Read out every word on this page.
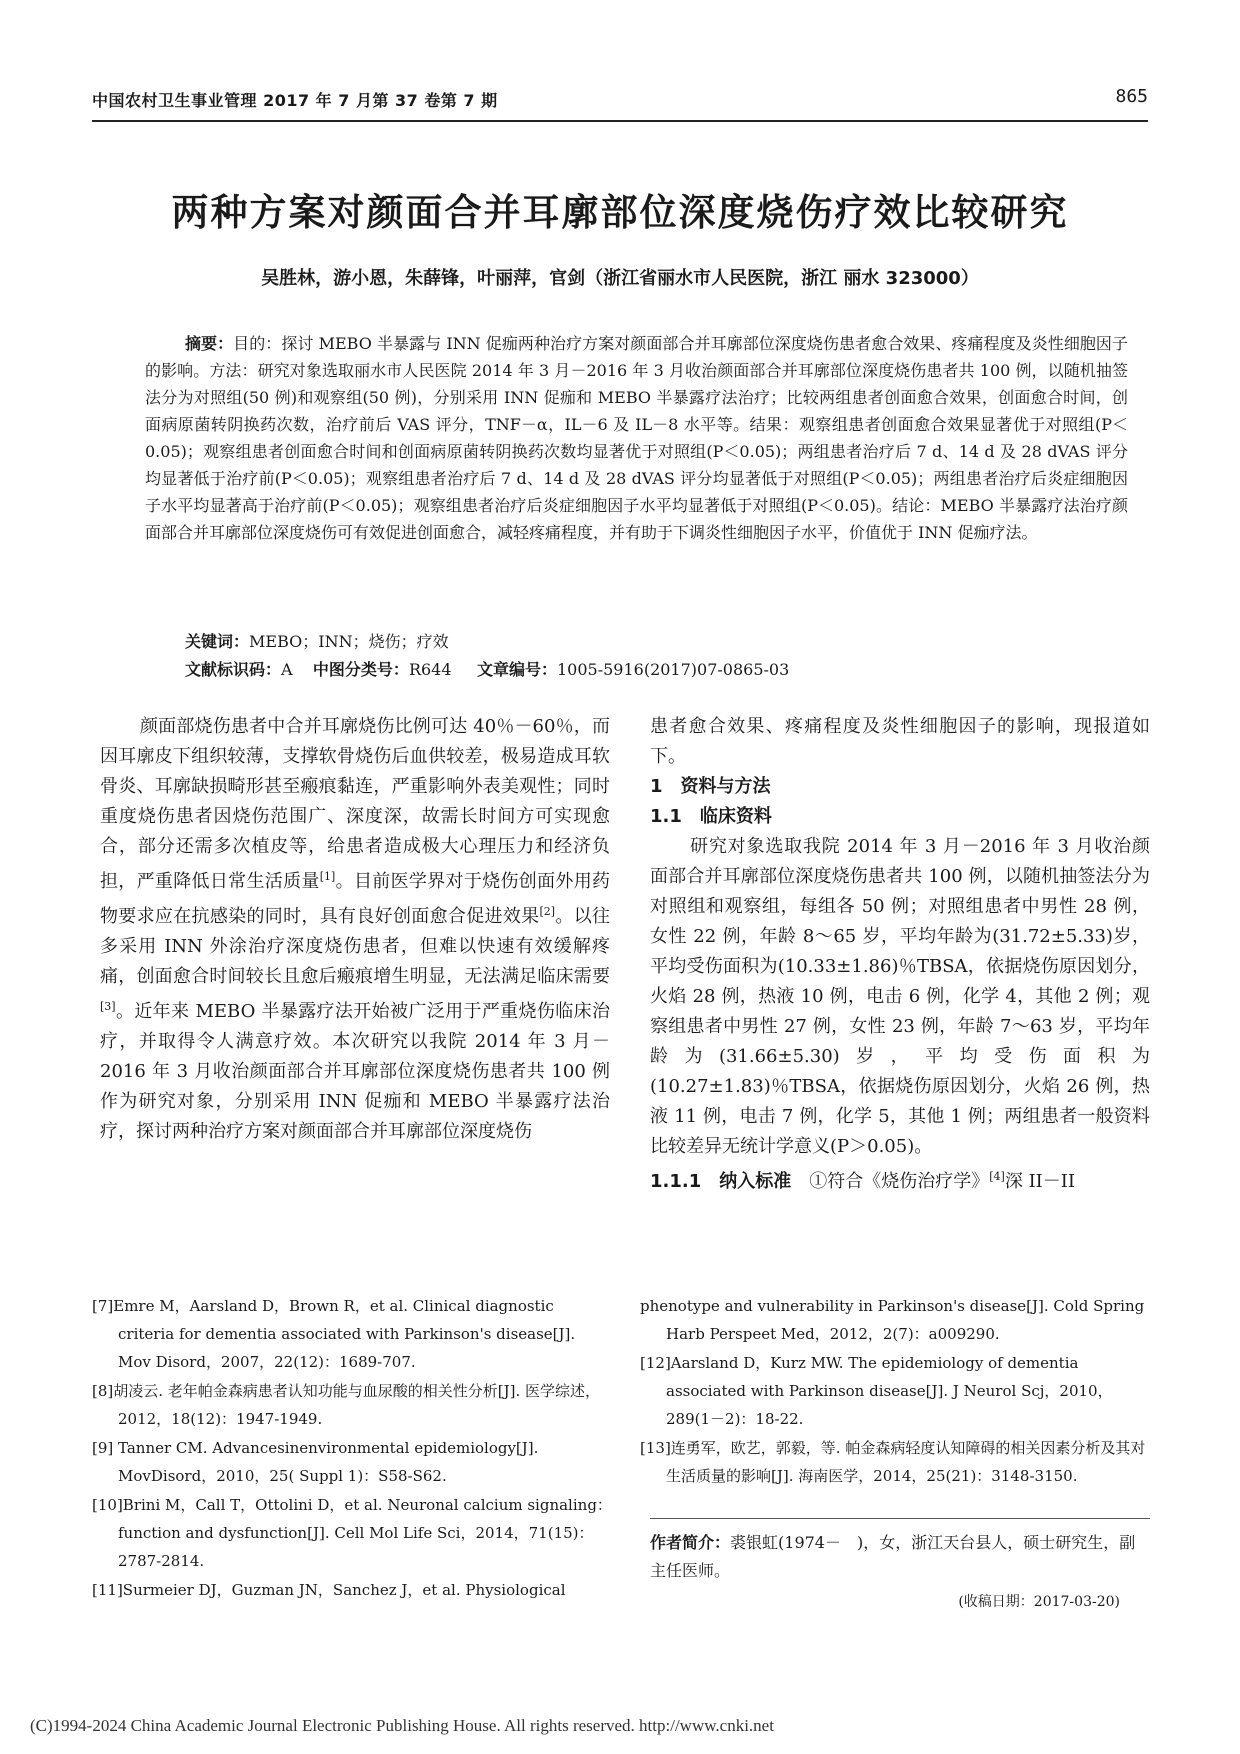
中国农村卫生事业管理 2017 年 7 月第 37 卷第 7 期	865
两种方案对颜面合并耳廓部位深度烧伤疗效比较研究
吴胜林，游小恩，朱薛锋，叶丽萍，官剑（浙江省丽水市人民医院，浙江 丽水 323000）

摘要：目的：探讨 MEBO 半暴露与 INN 促痂两种治疗方案对颜面部合并耳廓部位深度烧伤患者愈合效果、疼痛程度及炎性细胞因子的影响。方法：研究对象选取丽水市人民医院 2014 年 3 月－2016 年 3 月收治颜面部合并耳廓部位深度烧伤患者共 100 例，以随机抽签法分为对照组(50 例)和观察组(50 例)，分别采用 INN 促痂和 MEBO 半暴露疗法治疗；比较两组患者创面愈合效果，创面愈合时间，创面病原菌转阴换药次数，治疗前后 VAS 评分，TNF－α，IL－6 及 IL－8 水平等。结果：观察组患者创面愈合效果显著优于对照组(P＜0.05)；观察组患者创面愈合时间和创面病原菌转阴换药次数均显著优于对照组(P＜0.05)；两组患者治疗后 7 d、14 d 及 28 dVAS 评分均显著低于治疗前(P＜0.05)；观察组患者治疗后 7 d、14 d 及 28 dVAS 评分均显著低于对照组(P＜0.05)；两组患者治疗后炎症细胞因子水平均显著高于治疗前(P＜0.05)；观察组患者治疗后炎症细胞因子水平均显著低于对照组(P＜0.05)。结论：MEBO 半暴露疗法治疗颜面部合并耳廓部位深度烧伤可有效促进创面愈合，减轻疼痛程度，并有助于下调炎性细胞因子水平，价值优于 INN 促痂疗法。

关键词：MEBO；INN；烧伤；疗效
文献标识码：A 中图分类号：R644 文章编号：1005-5916(2017)07-0865-03

颜面部烧伤患者中合并耳廓烧伤比例可达 40％－60％，而因耳廓皮下组织较薄，支撑软骨烧伤后血供较差，极易造成耳软骨炎、耳廓缺损畸形甚至瘢痕黏连，严重影响外表美观性；同时重度烧伤患者因烧伤范围广、深度深，故需长时间方可实现愈合，部分还需多次植皮等，给患者造成极大心理压力和经济负担，严重降低日常生活质量[1]。目前医学界对于烧伤创面外用药物要求应在抗感染的同时，具有良好创面愈合促进效果[2]。以往多采用 INN 外涂治疗深度烧伤患者，但难以快速有效缓解疼痛，创面愈合时间较长且愈后瘢痕增生明显，无法满足临床需要[3]。近年来 MEBO 半暴露疗法开始被广泛用于严重烧伤临床治疗，并取得令人满意疗效。本次研究以我院 2014 年 3 月－2016 年 3 月收治颜面部合并耳廓部位深度烧伤患者共 100 例作为研究对象，分别采用 INN 促痂和 MEBO 半暴露疗法治疗，探讨两种治疗方案对颜面部合并耳廓部位深度烧伤

患者愈合效果、疼痛程度及炎性细胞因子的影响，现报道如下。

1　资料与方法

1.1　临床资料

研究对象选取我院 2014 年 3 月－2016 年 3 月收治颜面部合并耳廓部位深度烧伤患者共 100 例，以随机抽签法分为对照组和观察组，每组各 50 例；对照组患者中男性 28 例，女性 22 例，年龄 8～65 岁，平均年龄为(31.72±5.33)岁，平均受伤面积为(10.33±1.86)％TBSA，依据烧伤原因划分，火焰 28 例，热液 10 例，电击 6 例，化学 4，其他 2 例；观察组患者中男性 27 例，女性 23 例，年龄 7～63 岁，平均年龄为(31.66±5.30)岁，平均受伤面积为(10.27±1.83)％TBSA，依据烧伤原因划分，火焰 26 例，热液 11 例，电击 7 例，化学 5，其他 1 例；两组患者一般资料比较差异无统计学意义(P＞0.05)。

1.1.1　纳入标准　①符合《烧伤治疗学》[4]深 II－II

[7]Emre M，Aarsland D，Brown R，et al. Clinical diagnostic criteria for dementia associated with Parkinson's disease[J]. Mov Disord，2007，22(12)：1689-707.

[8]胡凌云. 老年帕金森病患者认知功能与血尿酸的相关性分析[J]. 医学综述，2012，18(12)：1947-1949.

[9] Tanner CM. Advancesinenvironmental epidemiology[J]. MovDisord，2010，25( Suppl 1)：S58-S62.

[10]Brini M，Call T，Ottolini D，et al. Neuronal calcium signaling：function and dysfunction[J]. Cell Mol Life Sci，2014，71(15)：2787-2814.

[11]Surmeier DJ，Guzman JN，Sanchez J，et al. Physiological

phenotype and vulnerability in Parkinson's disease[J]. Cold Spring Harb Perspeet Med，2012，2(7)：a009290.

[12]Aarsland D，Kurz MW. The epidemiology of dementia associated with Parkinson disease[J]. J Neurol Scj，2010，289(1－2)：18-22.

[13]连勇军，欧艺，郭毅，等. 帕金森病轻度认知障碍的相关因素分析及其对生活质量的影响[J]. 海南医学，2014，25(21)：3148-3150.

作者简介：裘银虹(1974－　)，女，浙江天台县人，硕士研究生，副主任医师。
(收稿日期：2017-03-20)
(C)1994-2024 China Academic Journal Electronic Publishing House. All rights reserved. http://www.cnki.net
